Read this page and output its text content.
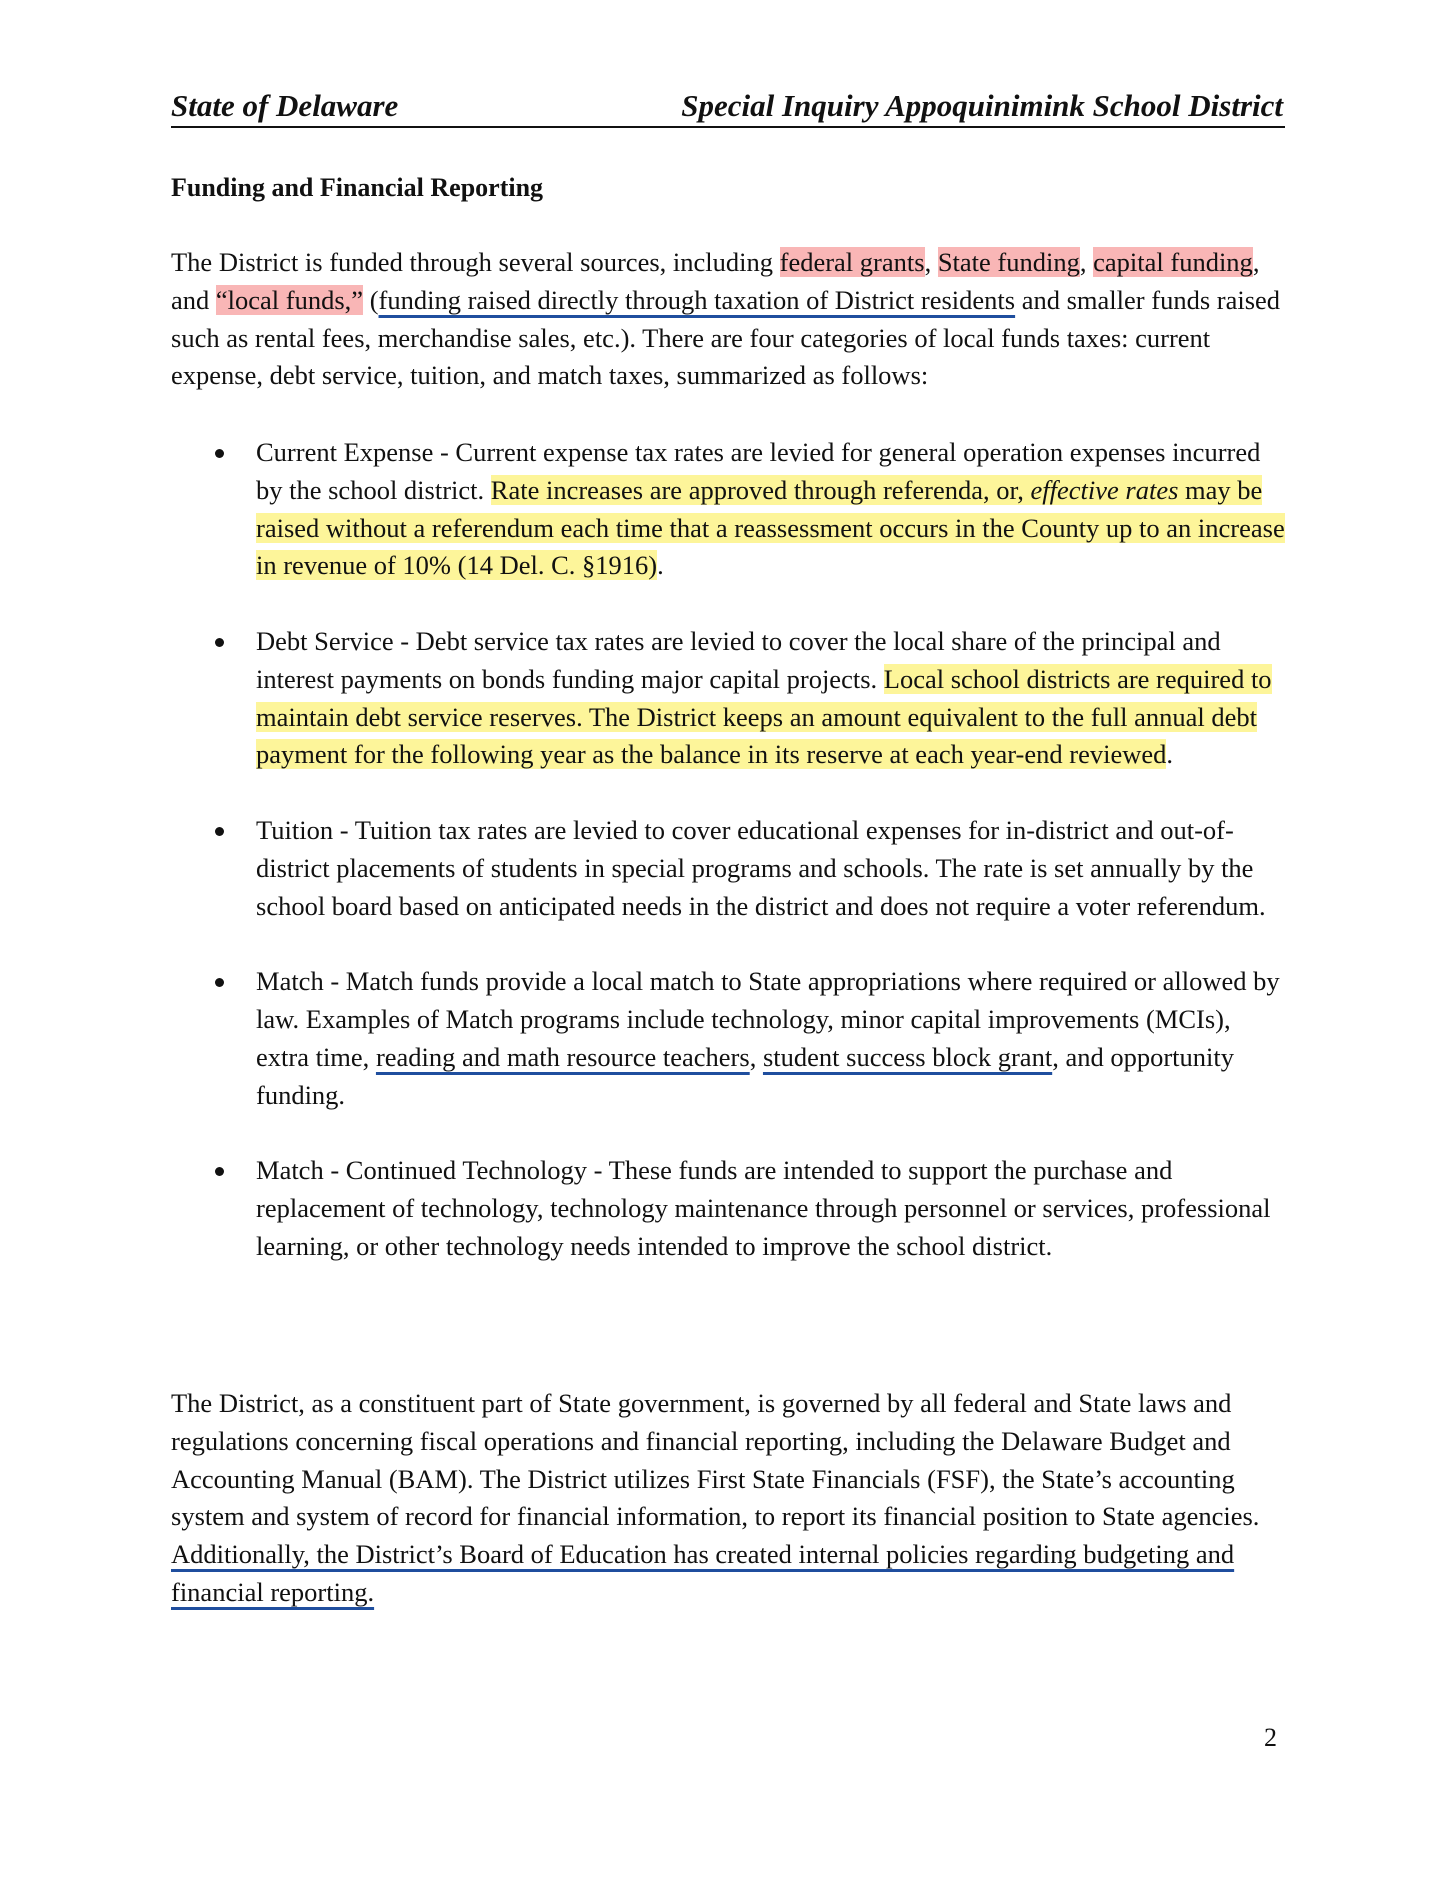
State of Delaware	Special Inquiry Appoquinimink School District
Funding and Financial Reporting

The District is funded through several sources, including federal grants, State funding, capital funding, and “local funds,” (funding raised directly through taxation of District residents and smaller funds raised such as rental fees, merchandise sales, etc.). There are four categories of local funds taxes: current expense, debt service, tuition, and match taxes, summarized as follows:

Current Expense - Current expense tax rates are levied for general operation expenses incurred by the school district. Rate increases are approved through referenda, or, effective rates may be raised without a referendum each time that a reassessment occurs in the County up to an increase in revenue of 10% (14 Del. C. §1916).
Debt Service - Debt service tax rates are levied to cover the local share of the principal and interest payments on bonds funding major capital projects. Local school districts are required to maintain debt service reserves. The District keeps an amount equivalent to the full annual debt payment for the following year as the balance in its reserve at each year-end reviewed.
Tuition - Tuition tax rates are levied to cover educational expenses for in-district and out-of-district placements of students in special programs and schools. The rate is set annually by the school board based on anticipated needs in the district and does not require a voter referendum.
Match - Match funds provide a local match to State appropriations where required or allowed by law. Examples of Match programs include technology, minor capital improvements (MCIs), extra time, reading and math resource teachers, student success block grant, and opportunity funding.
Match - Continued Technology - These funds are intended to support the purchase and replacement of technology, technology maintenance through personnel or services, professional learning, or other technology needs intended to improve the school district.

The District, as a constituent part of State government, is governed by all federal and State laws and regulations concerning fiscal operations and financial reporting, including the Delaware Budget and Accounting Manual (BAM). The District utilizes First State Financials (FSF), the State’s accounting system and system of record for financial information, to report its financial position to State agencies. Additionally, the District’s Board of Education has created internal policies regarding budgeting and financial reporting.

2
